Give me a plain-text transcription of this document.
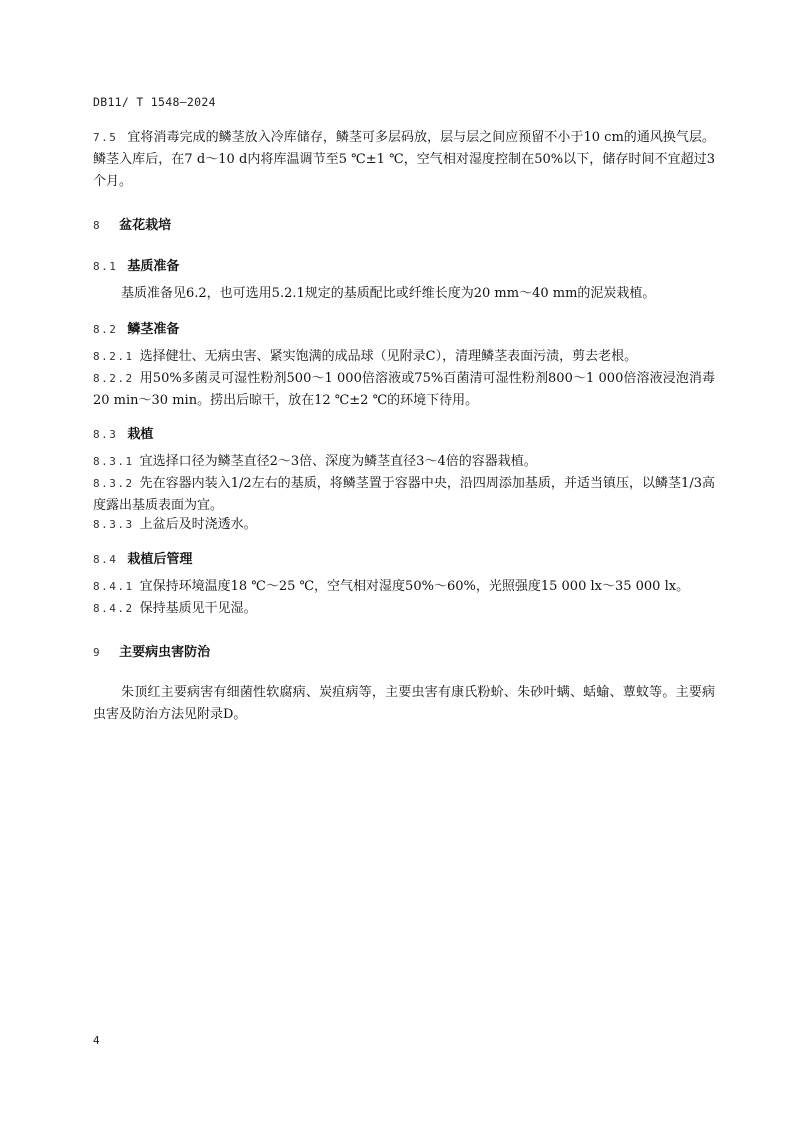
DB11/ T 1548—2024
7.5 宜将消毒完成的鳞茎放入冷库储存，鳞茎可多层码放，层与层之间应预留不小于10 cm的通风换气层。鳞茎入库后，在7 d～10 d内将库温调节至5 ℃±1 ℃，空气相对湿度控制在50%以下，储存时间不宜超过3 个月。
8 盆花栽培
8.1 基质准备
基质准备见6.2，也可选用5.2.1规定的基质配比或纤维长度为20 mm～40 mm的泥炭栽植。
8.2 鳞茎准备
8.2.1 选择健壮、无病虫害、紧实饱满的成品球（见附录C），清理鳞茎表面污渍，剪去老根。
8.2.2 用50%多菌灵可湿性粉剂500～1 000倍溶液或75%百菌清可湿性粉剂800～1 000倍溶液浸泡消毒20 min～30 min。捞出后晾干，放在12 ℃±2 ℃的环境下待用。
8.3 栽植
8.3.1 宜选择口径为鳞茎直径2～3倍、深度为鳞茎直径3～4倍的容器栽植。
8.3.2 先在容器内装入1/2左右的基质，将鳞茎置于容器中央，沿四周添加基质，并适当镇压，以鳞茎1/3高度露出基质表面为宜。
8.3.3 上盆后及时浇透水。
8.4 栽植后管理
8.4.1 宜保持环境温度18 ℃～25 ℃，空气相对湿度50%～60%，光照强度15 000 lx～35 000 lx。
8.4.2 保持基质见干见湿。
9 主要病虫害防治
朱顶红主要病害有细菌性软腐病、炭疽病等，主要虫害有康氏粉蚧、朱砂叶螨、蛞蝓、蕈蚊等。主要病虫害及防治方法见附录D。
4
